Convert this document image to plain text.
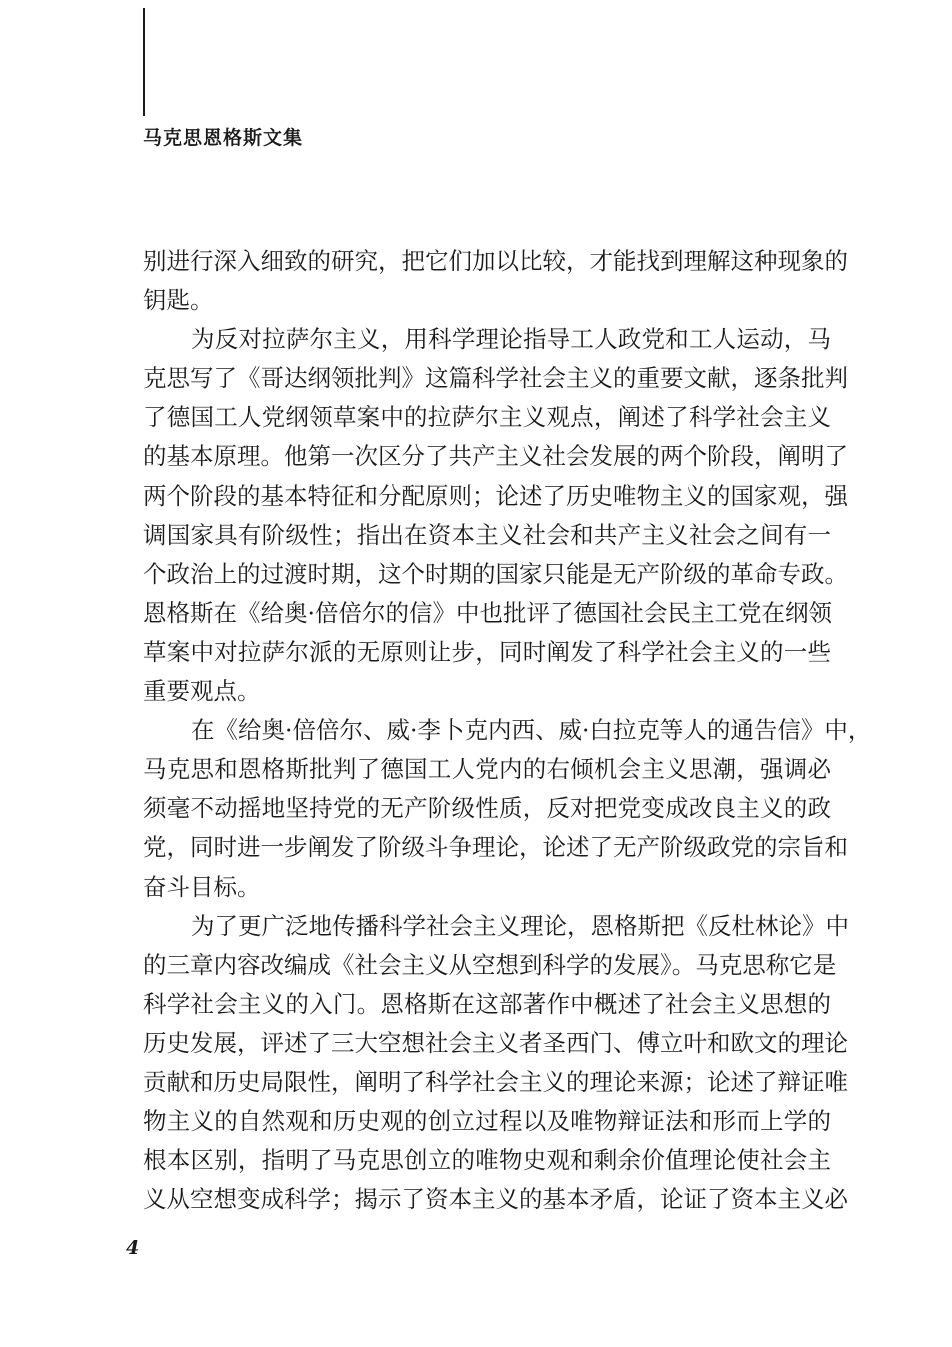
马克思恩格斯文集
别进行深入细致的研究，把它们加以比较，才能找到理解这种现象的
钥匙。
为反对拉萨尔主义，用科学理论指导工人政党和工人运动，马
克思写了《哥达纲领批判》这篇科学社会主义的重要文献，逐条批判
了德国工人党纲领草案中的拉萨尔主义观点，阐述了科学社会主义
的基本原理。他第一次区分了共产主义社会发展的两个阶段，阐明了
两个阶段的基本特征和分配原则；论述了历史唯物主义的国家观，强
调国家具有阶级性；指出在资本主义社会和共产主义社会之间有一
个政治上的过渡时期，这个时期的国家只能是无产阶级的革命专政。
恩格斯在《给奥·倍倍尔的信》中也批评了德国社会民主工党在纲领
草案中对拉萨尔派的无原则让步，同时阐发了科学社会主义的一些
重要观点。
在《给奥·倍倍尔、威·李卜克内西、威·白拉克等人的通告信》中，
马克思和恩格斯批判了德国工人党内的右倾机会主义思潮，强调必
须毫不动摇地坚持党的无产阶级性质，反对把党变成改良主义的政
党，同时进一步阐发了阶级斗争理论，论述了无产阶级政党的宗旨和
奋斗目标。
为了更广泛地传播科学社会主义理论，恩格斯把《反杜林论》中
的三章内容改编成《社会主义从空想到科学的发展》。马克思称它是
科学社会主义的入门。恩格斯在这部著作中概述了社会主义思想的
历史发展，评述了三大空想社会主义者圣西门、傅立叶和欧文的理论
贡献和历史局限性，阐明了科学社会主义的理论来源；论述了辩证唯
物主义的自然观和历史观的创立过程以及唯物辩证法和形而上学的
根本区别，指明了马克思创立的唯物史观和剩余价值理论使社会主
义从空想变成科学；揭示了资本主义的基本矛盾，论证了资本主义必
4
